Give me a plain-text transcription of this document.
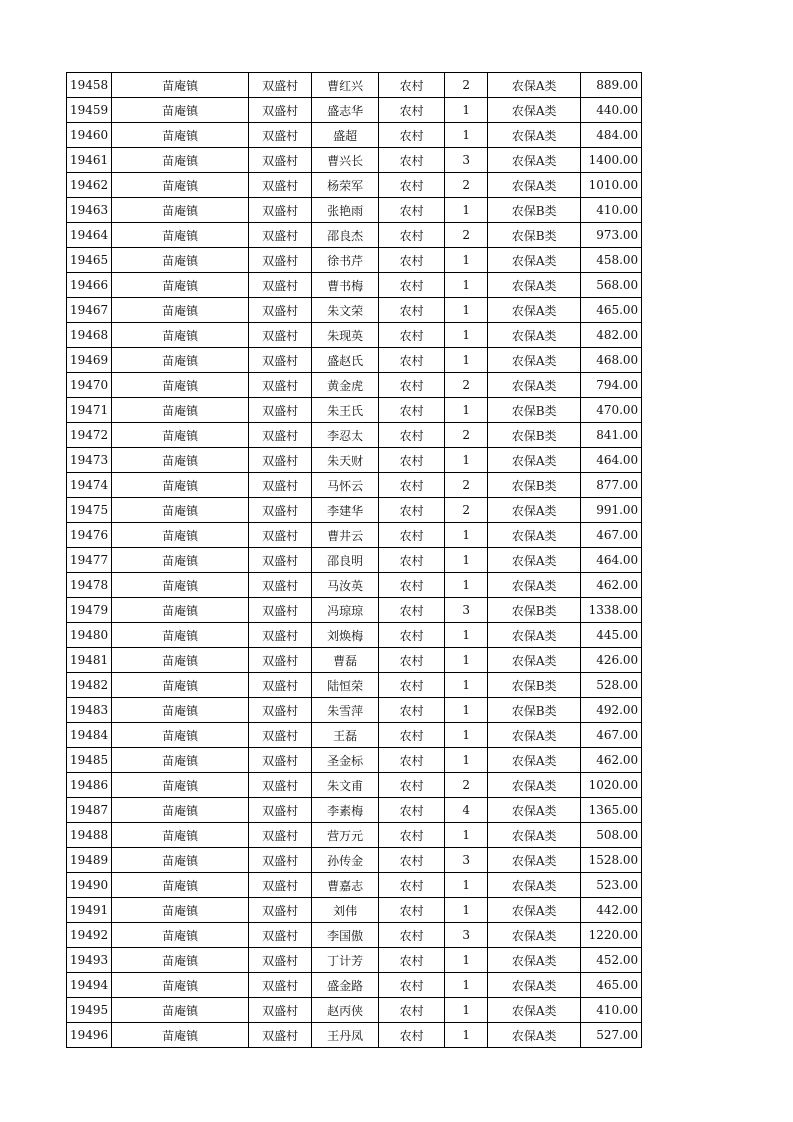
19458	苗庵镇	双盛村	曹红兴	农村	2	农保A类	889.00
19459	苗庵镇	双盛村	盛志华	农村	1	农保A类	440.00
19460	苗庵镇	双盛村	盛超	农村	1	农保A类	484.00
19461	苗庵镇	双盛村	曹兴长	农村	3	农保A类	1400.00
19462	苗庵镇	双盛村	杨荣军	农村	2	农保A类	1010.00
19463	苗庵镇	双盛村	张艳雨	农村	1	农保B类	410.00
19464	苗庵镇	双盛村	邵良杰	农村	2	农保B类	973.00
19465	苗庵镇	双盛村	徐书芹	农村	1	农保A类	458.00
19466	苗庵镇	双盛村	曹书梅	农村	1	农保A类	568.00
19467	苗庵镇	双盛村	朱文荣	农村	1	农保A类	465.00
19468	苗庵镇	双盛村	朱现英	农村	1	农保A类	482.00
19469	苗庵镇	双盛村	盛赵氏	农村	1	农保A类	468.00
19470	苗庵镇	双盛村	黄金虎	农村	2	农保A类	794.00
19471	苗庵镇	双盛村	朱王氏	农村	1	农保B类	470.00
19472	苗庵镇	双盛村	李忍太	农村	2	农保B类	841.00
19473	苗庵镇	双盛村	朱天财	农村	1	农保A类	464.00
19474	苗庵镇	双盛村	马怀云	农村	2	农保B类	877.00
19475	苗庵镇	双盛村	李建华	农村	2	农保A类	991.00
19476	苗庵镇	双盛村	曹井云	农村	1	农保A类	467.00
19477	苗庵镇	双盛村	邵良明	农村	1	农保A类	464.00
19478	苗庵镇	双盛村	马汝英	农村	1	农保A类	462.00
19479	苗庵镇	双盛村	冯琼琼	农村	3	农保B类	1338.00
19480	苗庵镇	双盛村	刘焕梅	农村	1	农保A类	445.00
19481	苗庵镇	双盛村	曹磊	农村	1	农保A类	426.00
19482	苗庵镇	双盛村	陆恒荣	农村	1	农保B类	528.00
19483	苗庵镇	双盛村	朱雪萍	农村	1	农保B类	492.00
19484	苗庵镇	双盛村	王磊	农村	1	农保A类	467.00
19485	苗庵镇	双盛村	圣金标	农村	1	农保A类	462.00
19486	苗庵镇	双盛村	朱文甫	农村	2	农保A类	1020.00
19487	苗庵镇	双盛村	李素梅	农村	4	农保A类	1365.00
19488	苗庵镇	双盛村	营万元	农村	1	农保A类	508.00
19489	苗庵镇	双盛村	孙传金	农村	3	农保A类	1528.00
19490	苗庵镇	双盛村	曹嘉志	农村	1	农保A类	523.00
19491	苗庵镇	双盛村	刘伟	农村	1	农保A类	442.00
19492	苗庵镇	双盛村	李国傲	农村	3	农保A类	1220.00
19493	苗庵镇	双盛村	丁计芳	农村	1	农保A类	452.00
19494	苗庵镇	双盛村	盛金路	农村	1	农保A类	465.00
19495	苗庵镇	双盛村	赵丙侠	农村	1	农保A类	410.00
19496	苗庵镇	双盛村	王丹凤	农村	1	农保A类	527.00
